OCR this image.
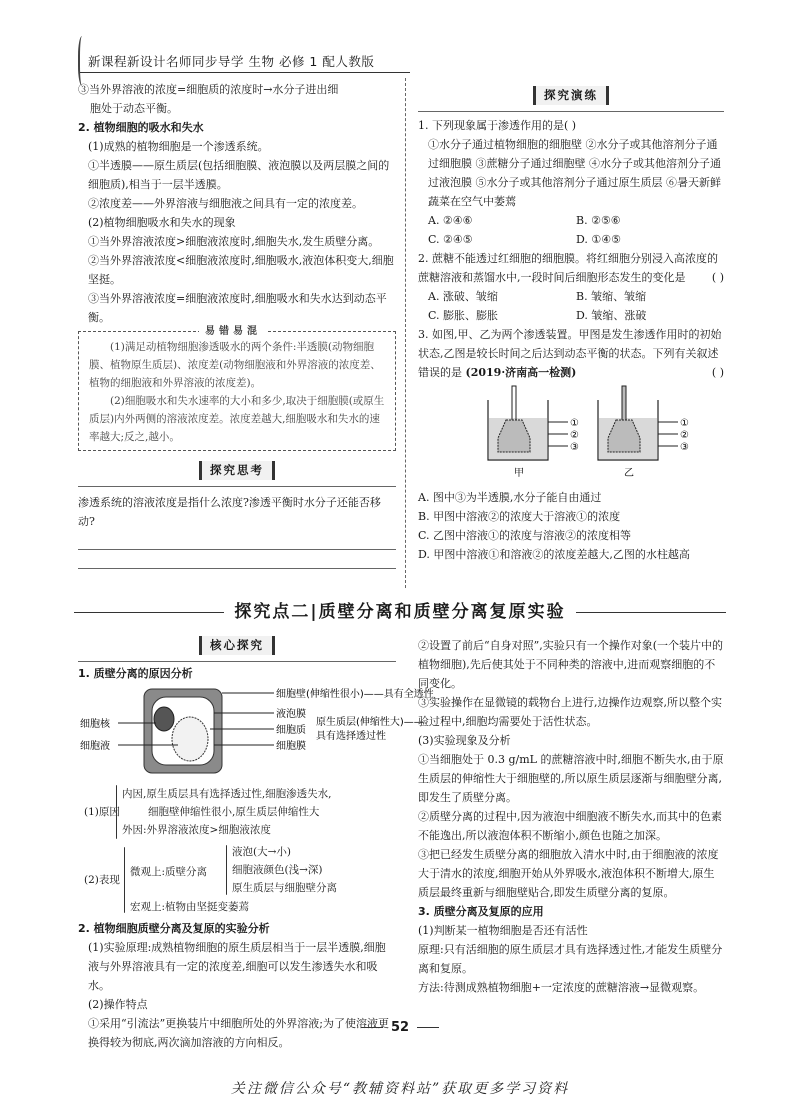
新课程新设计名师同步导学 生物 必修 1 配人教版
③当外界溶液的浓度=细胞质的浓度时→水分子进出细
胞处于动态平衡。
2. 植物细胞的吸水和失水
(1)成熟的植物细胞是一个渗透系统。
①半透膜——原生质层(包括细胞膜、液泡膜以及两层膜之间的细胞质),相当于一层半透膜。
②浓度差——外界溶液与细胞液之间具有一定的浓度差。
(2)植物细胞吸水和失水的现象
①当外界溶液浓度>细胞液浓度时,细胞失水,发生质壁分离。
②当外界溶液浓度<细胞液浓度时,细胞吸水,液泡体积变大,细胞坚挺。
③当外界溶液浓度=细胞液浓度时,细胞吸水和失水达到动态平衡。
易错易混
(1)满足动植物细胞渗透吸水的两个条件:半透膜(动物细胞膜、植物原生质层)、浓度差(动物细胞液和外界溶液的浓度差、植物的细胞液和外界溶液的浓度差)。
(2)细胞吸水和失水速率的大小和多少,取决于细胞膜(或原生质层)内外两侧的溶液浓度差。浓度差越大,细胞吸水和失水的速率越大;反之,越小。
探究思考
渗透系统的溶液浓度是指什么浓度?渗透平衡时水分子还能否移动?
探究演练
1. 下列现象属于渗透作用的是( )
①水分子通过植物细胞的细胞壁 ②水分子或其他溶剂分子通过细胞膜 ③蔗糖分子通过细胞壁 ④水分子或其他溶剂分子通过液泡膜 ⑤水分子或其他溶剂分子通过原生质层 ⑥暑天新鲜蔬菜在空气中萎蔫
A. ②④⑥	B. ②⑤⑥
C. ②④⑤	D. ①④⑤
2. 蔗糖不能透过红细胞的细胞膜。将红细胞分别浸入高浓度的蔗糖溶液和蒸馏水中,一段时间后细胞形态发生的变化是 ( )
A. 涨破、皱缩	B. 皱缩、皱缩
C. 膨胀、膨胀	D. 皱缩、涨破
3. 如图,甲、乙为两个渗透装置。甲图是发生渗透作用时的初始状态,乙图是较长时间之后达到动态平衡的状态。下列有关叙述错误的是 (2019·济南高一检测)	( )
①
②
③
甲
①
②
③
乙
A. 图中③为半透膜,水分子能自由通过
B. 甲图中溶液②的浓度大于溶液①的浓度
C. 乙图中溶液①的浓度与溶液②的浓度相等
D. 甲图中溶液①和溶液②的浓度差越大,乙图的水柱越高
探究点二|质壁分离和质壁分离复原实验
核心探究
1. 质壁分离的原因分析
细胞壁(伸缩性很小)——具有全透性
液泡膜
原生质层(伸缩性大)——
具有选择透过性
细胞质
细胞膜
细胞核
细胞液
(1)原因
内因,原生质层具有选择透过性,细胞渗透失水,
细胞壁伸缩性很小,原生质层伸缩性大
外因:外界溶液浓度>细胞液浓度
(2)表现
微观上:质壁分离
液泡(大→小)
细胞液颜色(浅→深)
原生质层与细胞壁分离
宏观上:植物由坚挺变萎蔫
2. 植物细胞质壁分离及复原的实验分析
(1)实验原理:成熟植物细胞的原生质层相当于一层半透膜,细胞液与外界溶液具有一定的浓度差,细胞可以发生渗透失水和吸水。
(2)操作特点
①采用“引流法”更换装片中细胞所处的外界溶液;为了使溶液更换得较为彻底,两次滴加溶液的方向相反。
②设置了前后“自身对照”,实验只有一个操作对象(一个装片中的植物细胞),先后使其处于不同种类的溶液中,进而观察细胞的不同变化。
③实验操作在显微镜的载物台上进行,边操作边观察,所以整个实验过程中,细胞均需要处于活性状态。
(3)实验现象及分析
①当细胞处于 0.3 g/mL 的蔗糖溶液中时,细胞不断失水,由于原生质层的伸缩性大于细胞壁的,所以原生质层逐渐与细胞壁分离,即发生了质壁分离。
②质壁分离的过程中,因为液泡中细胞液不断失水,而其中的色素不能逸出,所以液泡体积不断缩小,颜色也随之加深。
③把已经发生质壁分离的细胞放入清水中时,由于细胞液的浓度大于清水的浓度,细胞开始从外界吸水,液泡体积不断增大,原生质层最终重新与细胞壁贴合,即发生质壁分离的复原。
3. 质壁分离及复原的应用
(1)判断某一植物细胞是否还有活性
原理:只有活细胞的原生质层才具有选择透过性,才能发生质壁分离和复原。
方法:待测成熟植物细胞+一定浓度的蔗糖溶液→显微观察。
52
关注微信公众号“教辅资料站”获取更多学习资料
